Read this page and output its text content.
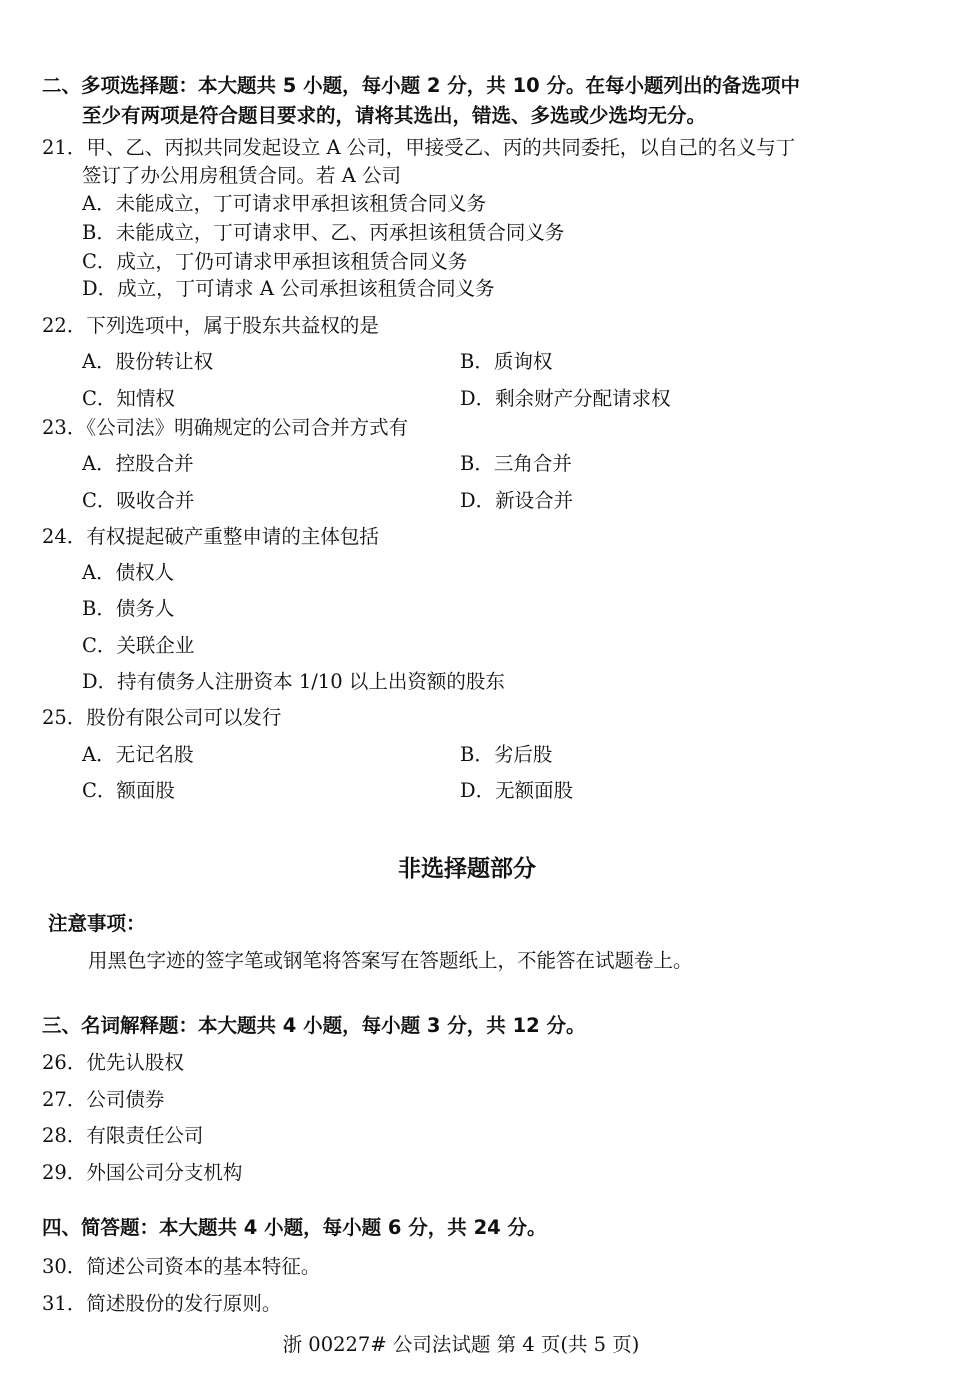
二、多项选择题：本大题共 5 小题，每小题 2 分，共 10 分。在每小题列出的备选项中
至少有两项是符合题目要求的，请将其选出，错选、多选或少选均无分。
21．甲、乙、丙拟共同发起设立 A 公司，甲接受乙、丙的共同委托，以自己的名义与丁
签订了办公用房租赁合同。若 A 公司
A．未能成立，丁可请求甲承担该租赁合同义务
B．未能成立，丁可请求甲、乙、丙承担该租赁合同义务
C．成立，丁仍可请求甲承担该租赁合同义务
D．成立，丁可请求 A 公司承担该租赁合同义务
22．下列选项中，属于股东共益权的是
A．股份转让权	B．质询权
C．知情权	D．剩余财产分配请求权
23．《公司法》明确规定的公司合并方式有
A．控股合并	B．三角合并
C．吸收合并	D．新设合并
24．有权提起破产重整申请的主体包括
A．债权人
B．债务人
C．关联企业
D．持有债务人注册资本 1/10 以上出资额的股东
25．股份有限公司可以发行
A．无记名股	B．劣后股
C．额面股	D．无额面股
非选择题部分
注意事项：
用黑色字迹的签字笔或钢笔将答案写在答题纸上，不能答在试题卷上。
三、名词解释题：本大题共 4 小题，每小题 3 分，共 12 分。
26．优先认股权
27．公司债券
28．有限责任公司
29．外国公司分支机构
四、简答题：本大题共 4 小题，每小题 6 分，共 24 分。
30．简述公司资本的基本特征。
31．简述股份的发行原则。
浙 00227# 公司法试题 第 4 页(共 5 页)
